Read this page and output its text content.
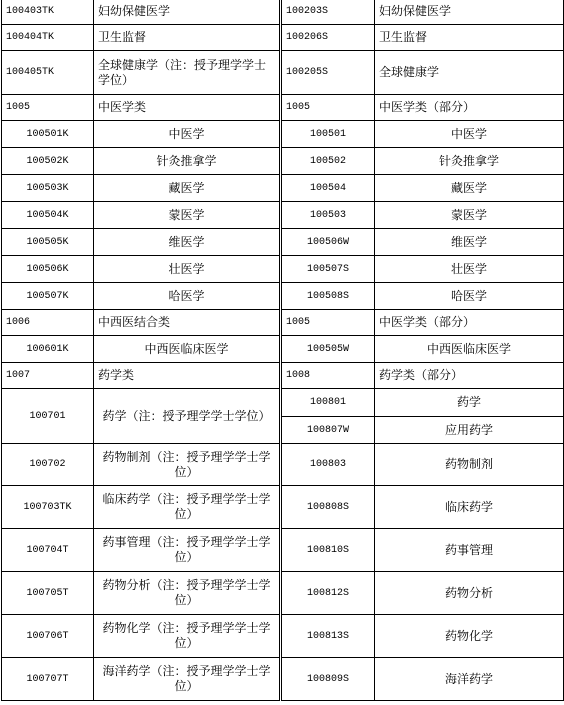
100403TK	妇幼保健医学	100203S	妇幼保健医学
100404TK	卫生监督	100206S	卫生监督
100405TK	全球健康学（注：授予理学学士学位）	100205S	全球健康学
1005	中医学类	1005	中医学类（部分）
100501K	中医学	100501	中医学
100502K	针灸推拿学	100502	针灸推拿学
100503K	藏医学	100504	藏医学
100504K	蒙医学	100503	蒙医学
100505K	维医学	100506W	维医学
100506K	壮医学	100507S	壮医学
100507K	哈医学	100508S	哈医学
1006	中西医结合类	1005	中医学类（部分）
100601K	中西医临床医学	100505W	中西医临床医学
1007	药学类	1008	药学类（部分）
100701	药学（注：授予理学学士学位）	100801	药学
		100807W	应用药学
100702	药物制剂（注：授予理学学士学位）	100803	药物制剂
100703TK	临床药学（注：授予理学学士学位）	100808S	临床药学
100704T	药事管理（注：授予理学学士学位）	100810S	药事管理
100705T	药物分析（注：授予理学学士学位）	100812S	药物分析
100706T	药物化学（注：授予理学学士学位）	100813S	药物化学
100707T	海洋药学（注：授予理学学士学位）	100809S	海洋药学
